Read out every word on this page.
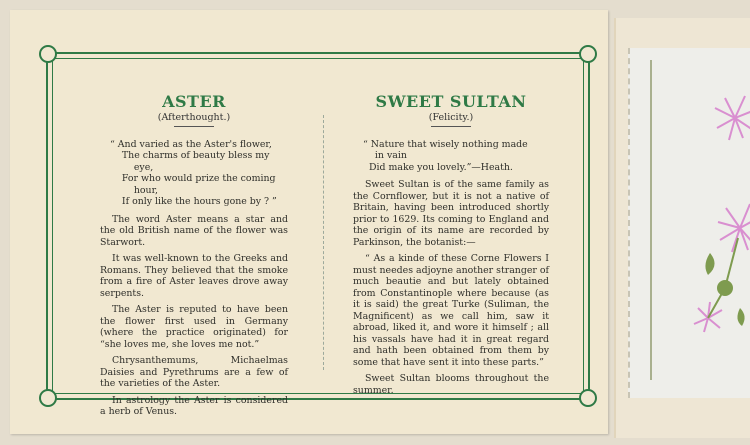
ASTER
(Afterthought.)
“ And varied as the Aster's flower,
The charms of beauty bless my
eye,
For who would prize the coming
hour,
If only like the hours gone by ? ”

The word Aster means a star and the old British name of the flower was Starwort.

It was well-known to the Greeks and Romans. They believed that the smoke from a fire of Aster leaves drove away serpents.

The Aster is reputed to have been the flower first used in Germany (where the practice originated) for “she loves me, she loves me not.”

Chrysanthemums, Michaelmas Daisies and Pyrethrums are a few of the varieties of the Aster.

In astrology the Aster is considered a herb of Venus.

SWEET SULTAN
(Felicity.)
“ Nature that wisely nothing made
in vain
Did make you lovely.”—Heath.

Sweet Sultan is of the same family as the Cornflower, but it is not a native of Britain, having been introduced shortly prior to 1629. Its coming to England and the origin of its name are recorded by Parkinson, the botanist:—

“ As a kinde of these Corne Flowers I must needes adjoyne another stranger of much beautie and but lately obtained from Constantinople where because (as it is said) the great Turke (Suliman, the Magnificent) as we call him, saw it abroad, liked it, and wore it himself ; all his vassals have had it in great regard and hath been obtained from them by some that have sent it into these parts.”

Sweet Sultan blooms throughout the summer.
